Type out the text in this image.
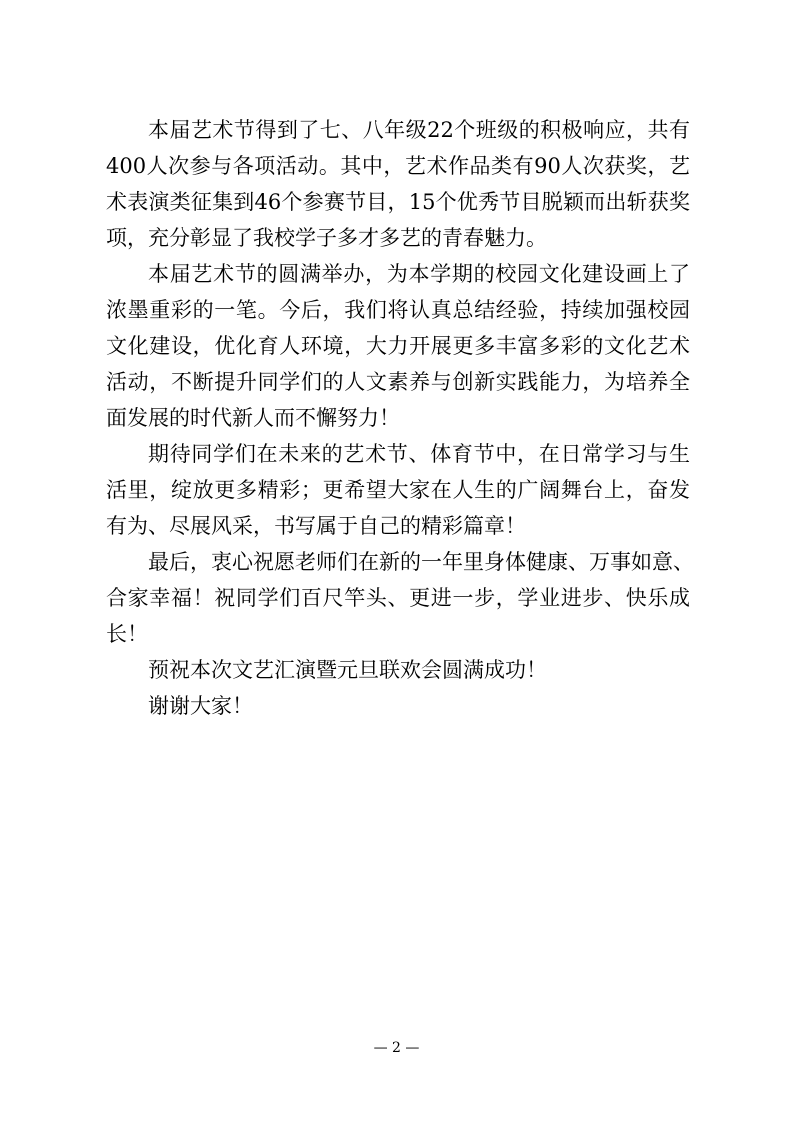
本届艺术节得到了七、八年级22个班级的积极响应，共有
400人次参与各项活动。其中，艺术作品类有90人次获奖，艺
术表演类征集到46个参赛节目，15个优秀节目脱颖而出斩获奖
项，充分彰显了我校学子多才多艺的青春魅力。
本届艺术节的圆满举办，为本学期的校园文化建设画上了
浓墨重彩的一笔。今后，我们将认真总结经验，持续加强校园
文化建设，优化育人环境，大力开展更多丰富多彩的文化艺术
活动，不断提升同学们的人文素养与创新实践能力，为培养全
面发展的时代新人而不懈努力！
期待同学们在未来的艺术节、体育节中，在日常学习与生
活里，绽放更多精彩；更希望大家在人生的广阔舞台上，奋发
有为、尽展风采，书写属于自己的精彩篇章！
最后，衷心祝愿老师们在新的一年里身体健康、万事如意、
合家幸福！祝同学们百尺竿头、更进一步，学业进步、快乐成
长！
预祝本次文艺汇演暨元旦联欢会圆满成功！
谢谢大家！
— 2 —
